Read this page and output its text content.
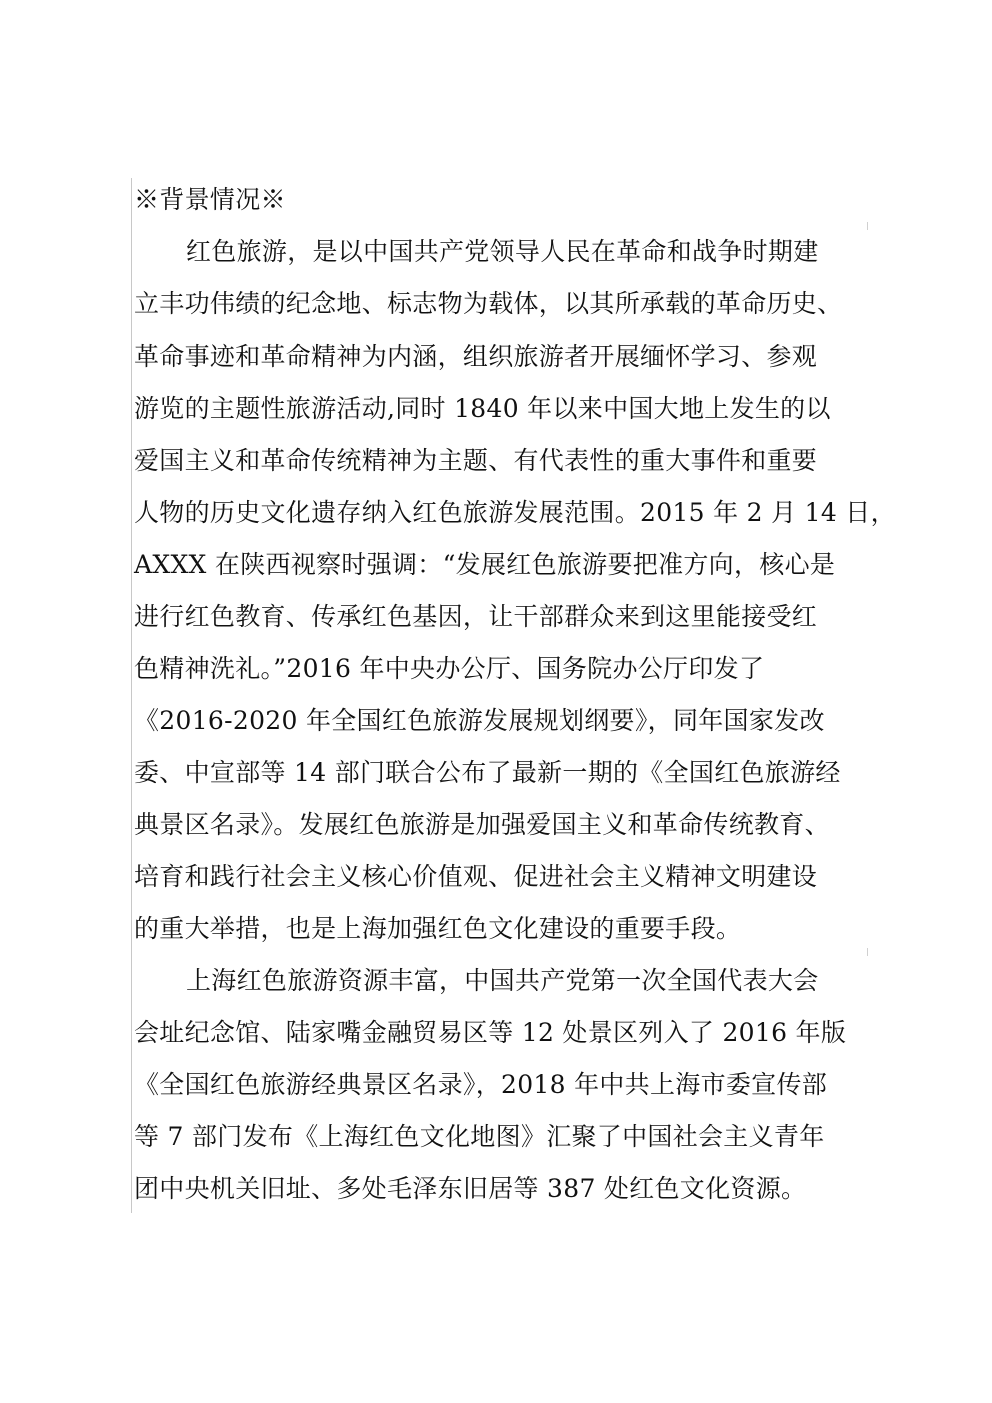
※背景情况※
红色旅游，是以中国共产党领导人民在革命和战争时期建
立丰功伟绩的纪念地、标志物为载体，以其所承载的革命历史、
革命事迹和革命精神为内涵，组织旅游者开展缅怀学习、参观
游览的主题性旅游活动,同时 1840 年以来中国大地上发生的以
爱国主义和革命传统精神为主题、有代表性的重大事件和重要
人物的历史文化遗存纳入红色旅游发展范围。2015 年 2 月 14 日，
AXXX 在陕西视察时强调：“发展红色旅游要把准方向，核心是
进行红色教育、传承红色基因，让干部群众来到这里能接受红
色精神洗礼。”2016 年中央办公厅、国务院办公厅印发了
《2016-2020 年全国红色旅游发展规划纲要》，同年国家发改
委、中宣部等 14 部门联合公布了最新一期的《全国红色旅游经
典景区名录》。发展红色旅游是加强爱国主义和革命传统教育、
培育和践行社会主义核心价值观、促进社会主义精神文明建设
的重大举措，也是上海加强红色文化建设的重要手段。
上海红色旅游资源丰富，中国共产党第一次全国代表大会
会址纪念馆、陆家嘴金融贸易区等 12 处景区列入了 2016 年版
《全国红色旅游经典景区名录》，2018 年中共上海市委宣传部
等 7 部门发布《上海红色文化地图》汇聚了中国社会主义青年
团中央机关旧址、多处毛泽东旧居等 387 处红色文化资源。
